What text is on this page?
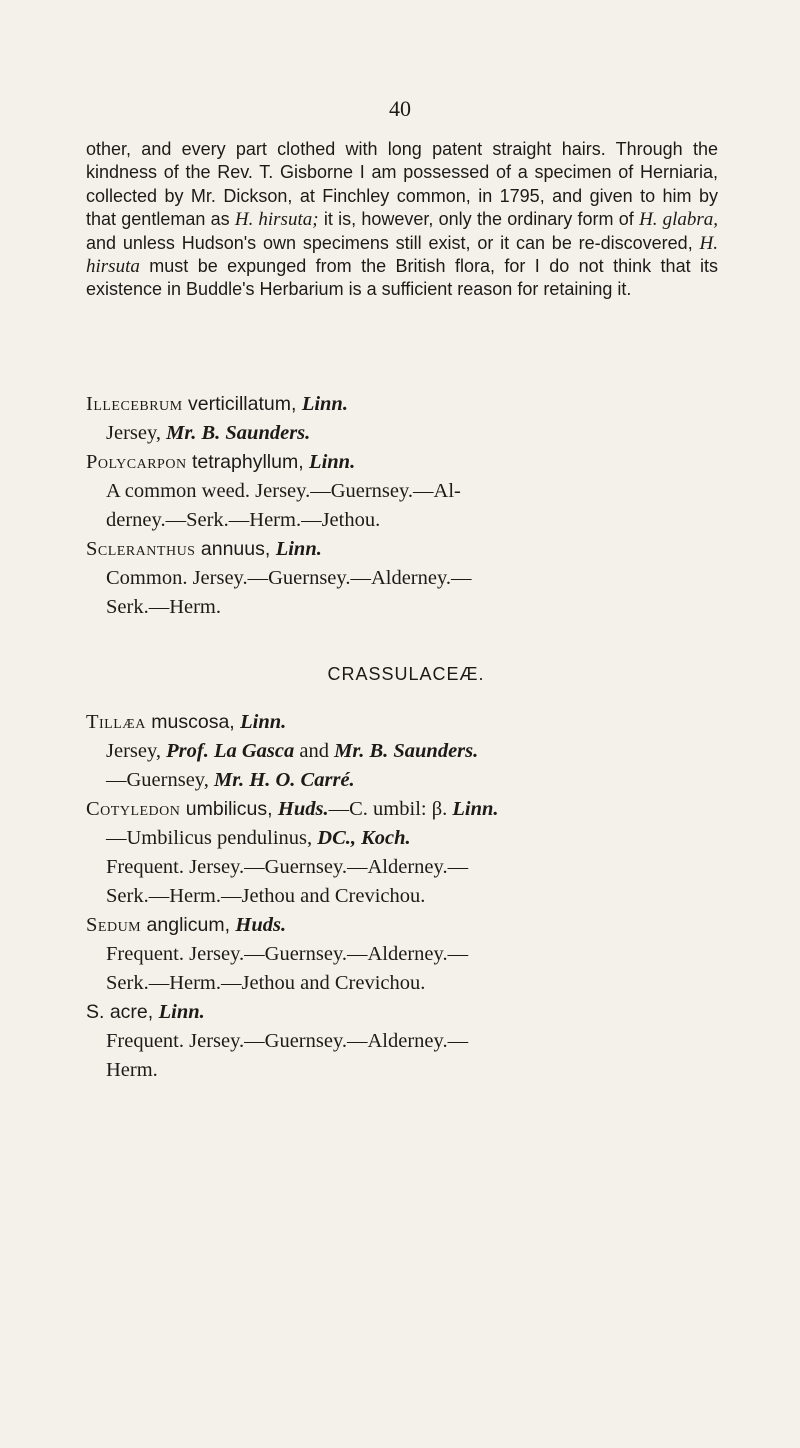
40
other, and every part clothed with long patent straight hairs. Through the kindness of the Rev. T. Gisborne I am possessed of a specimen of Herniaria, collected by Mr. Dickson, at Finchley common, in 1795, and given to him by that gentleman as H. hirsuta; it is, however, only the ordinary form of H. glabra, and unless Hudson's own specimens still exist, or it can be re-discovered, H. hirsuta must be expunged from the British flora, for I do not think that its existence in Buddle's Herbarium is a sufficient reason for retaining it.
Illecebrum verticillatum, Linn.
Jersey, Mr. B. Saunders.
Polycarpon tetraphyllum, Linn.
A common weed. Jersey.—Guernsey.—Al-
derney.—Serk.—Herm.—Jethou.
Scleranthus annuus, Linn.
Common. Jersey.—Guernsey.—Alderney.—
Serk.—Herm.
CRASSULACEÆ.
Tillæa muscosa, Linn.
Jersey, Prof. La Gasca and Mr. B. Saunders.
—Guernsey, Mr. H. O. Carré.
Cotyledon umbilicus, Huds.—C. umbil: β. Linn.
—Umbilicus pendulinus, DC., Koch.
Frequent. Jersey.—Guernsey.—Alderney.—
Serk.—Herm.—Jethou and Crevichou.
Sedum anglicum, Huds.
Frequent. Jersey.—Guernsey.—Alderney.—
Serk.—Herm.—Jethou and Crevichou.
S. acre, Linn.
Frequent. Jersey.—Guernsey.—Alderney.—
Herm.
